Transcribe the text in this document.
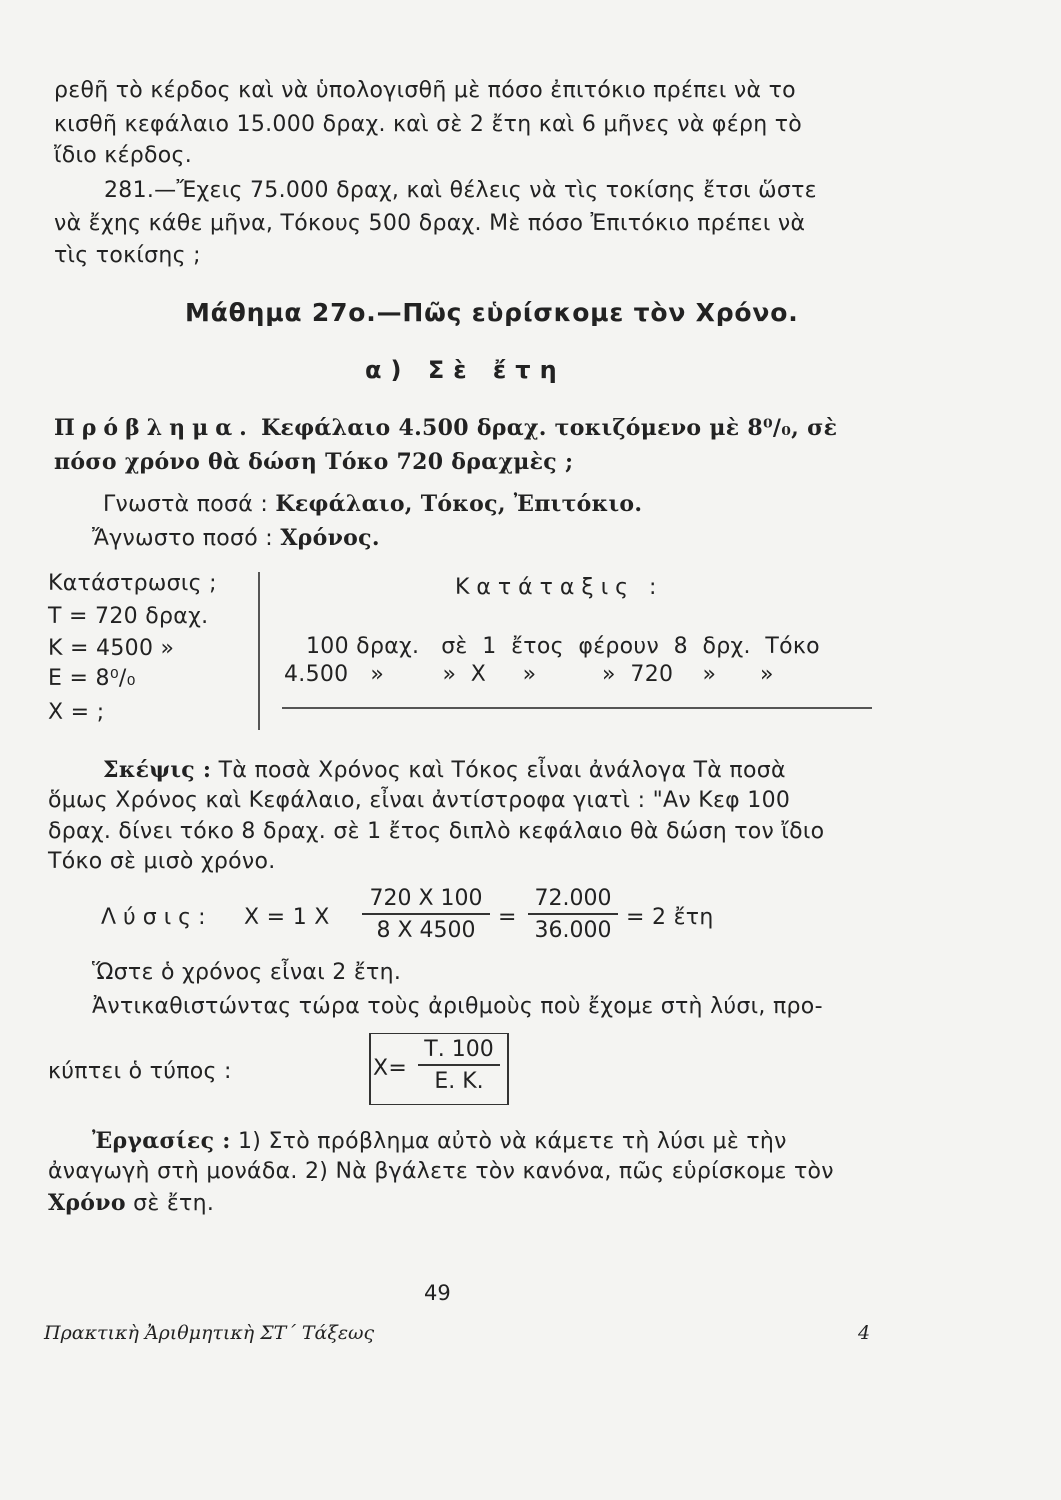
ρεθῆ τὸ κέρδος καὶ νὰ ὑπολογισθῆ μὲ πόσο ἐπιτόκιο πρέπει νὰ το
κισθῆ κεφάλαιο 15.000 δραχ. καὶ σὲ 2 ἔτη καὶ 6 μῆνες νὰ φέρη τὸ
ἴδιο κέρδος.
281.—Ἔχεις 75.000 δραχ, καὶ θέλεις νὰ τὶς τοκίσης ἔτσι ὥστε
νὰ ἔχης κάθε μῆνα, Τόκους 500 δραχ. Μὲ πόσο Ἐπιτόκιο πρέπει νὰ
τὶς τοκίσης ;
Μάθημα 27ο.—Πῶς εὑρίσκομε τὸν Χρόνο.
α) Σὲ ἔτη
Πρόβλημα. Κεφάλαιο 4.500 δραχ. τοκιζόμενο μὲ 8⁰/₀, σὲ
πόσο χρόνο θὰ δώση Τόκο 720 δραχμὲς ;
Γνωστὰ ποσά : Κεφάλαιο, Τόκος, Ἐπιτόκιο.
Ἄγνωστο ποσό : Χρόνος.
Κατάστρωσις ;
Τ = 720 δραχ.
Κ = 4500 »
Ε = 8⁰/₀
Χ = ;
Κατάταξις :
100 δραχ.   σὲ  1  ἔτος  φέρουν  8  δρχ.  Τόκο
4.500   »        »  Χ     »         »  720    »      »
Σκέψις : Τὰ ποσὰ Χρόνος καὶ Τόκος εἶναι ἀνάλογα Τὰ ποσὰ
ὅμως Χρόνος καὶ Κεφάλαιο, εἶναι ἀντίστροφα γιατὶ : "Αν Κεφ 100
δραχ. δίνει τόκο 8 δραχ. σὲ 1 ἔτος διπλὸ κεφάλαιο θὰ δώση τον ἴδιο
Τόκο σὲ μισὸ χρόνο.
Λύσις: Χ = 1 Χ
720 Χ 100
8 Χ 4500
=
72.000
36.000
= 2 ἔτη
Ὥστε ὁ χρόνος εἶναι 2 ἔτη.
Ἀντικαθιστώντας τώρα τοὺς ἀριθμοὺς ποὺ ἔχομε στὴ λύσι, προ-
κύπτει ὁ τύπος :	Χ=
Τ. 100
Ε. Κ.
Ἐργασίες : 1) Στὸ πρόβλημα αὐτὸ νὰ κάμετε τὴ λύσι μὲ τὴν
ἀναγωγὴ στὴ μονάδα. 2) Νὰ βγάλετε τὸν κανόνα, πῶς εὑρίσκομε τὸν
Χρόνο σὲ ἔτη.
49
Πρακτικὴ Ἀριθμητικὴ ΣΤ΄ Τάξεως	4
